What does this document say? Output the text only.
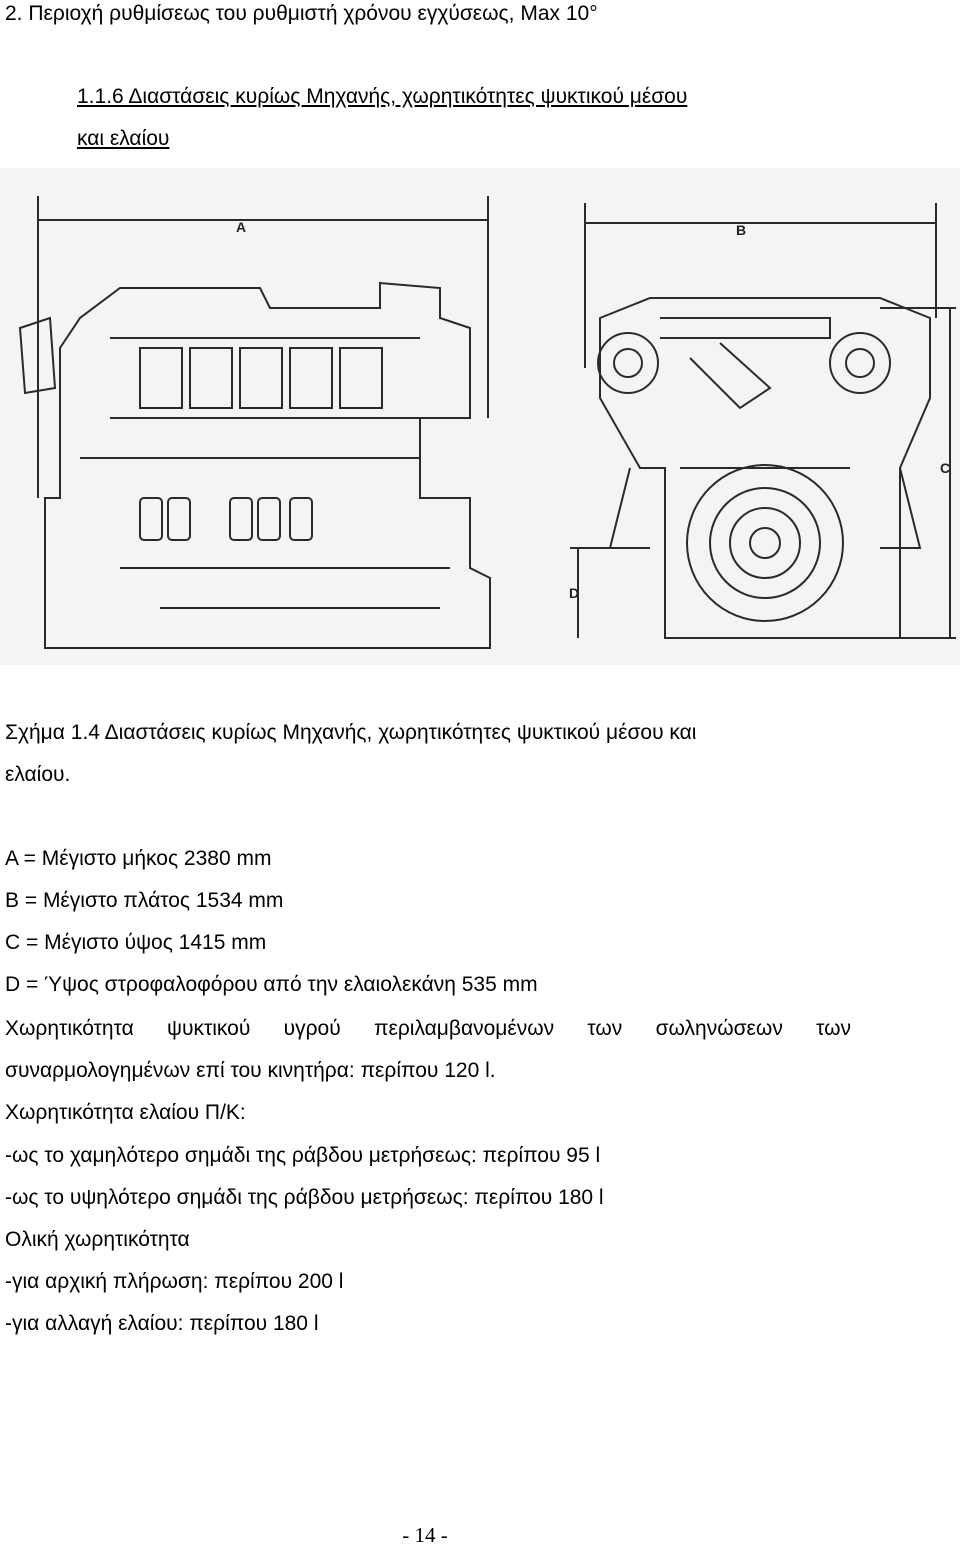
2. Περιοχή ρυθμίσεως του ρυθμιστή χρόνου εγχύσεως, Max 10°
1.1.6 Διαστάσεις κυρίως Μηχανής, χωρητικότητες ψυκτικού μέσου
και ελαίου
A	B
C
D
Σχήμα 1.4 Διαστάσεις κυρίως Μηχανής, χωρητικότητες ψυκτικού μέσου και
ελαίου.
A = Μέγιστο μήκος 2380 mm
B = Μέγιστο πλάτος 1534 mm
C = Μέγιστο ύψος 1415 mm
D = Ύψος στροφαλοφόρου από την ελαιολεκάνη 535 mm
Χωρητικότητα ψυκτικού υγρού περιλαμβανομένων των σωληνώσεων των
συναρμολογημένων επί του κινητήρα: περίπου 120 l.
Χωρητικότητα ελαίου Π/Κ:
-ως το χαμηλότερο σημάδι της ράβδου μετρήσεως: περίπου 95 l
-ως το υψηλότερο σημάδι της ράβδου μετρήσεως: περίπου 180 l
Ολική χωρητικότητα
-για αρχική πλήρωση: περίπου 200 l
-για αλλαγή ελαίου: περίπου 180 l
- 14 -
